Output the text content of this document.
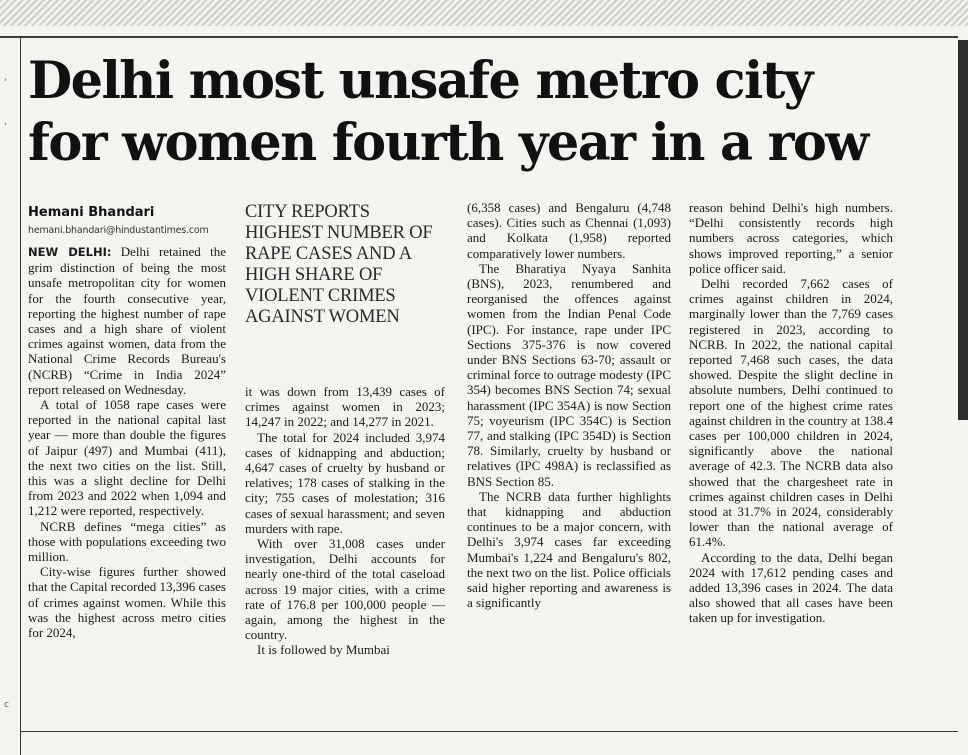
'
'
c
Delhi most unsafe metro city
for women fourth year in a row
Hemani Bhandari
hemani.bhandari@hindustantimes.com

NEW DELHI: Delhi retained the grim distinction of being the most unsafe metropolitan city for women for the fourth consecutive year, reporting the highest number of rape cases and a high share of violent crimes against women, data from the National Crime Records Bureau's (NCRB) “Crime in India 2024” report released on Wednesday.

A total of 1058 rape cases were reported in the national capital last year — more than double the figures of Jaipur (497) and Mumbai (411), the next two cities on the list. Still, this was a slight decline for Delhi from 2023 and 2022 when 1,094 and 1,212 were reported, respectively.

NCRB defines “mega cities” as those with populations exceeding two million.

City-wise figures further showed that the Capital recorded 13,396 cases of crimes against women. While this was the highest across metro cities for 2024,

CITY REPORTS HIGHEST NUMBER OF RAPE CASES AND A HIGH SHARE OF VIOLENT CRIMES AGAINST WOMEN

it was down from 13,439 cases of crimes against women in 2023; 14,247 in 2022; and 14,277 in 2021.

The total for 2024 included 3,974 cases of kidnapping and abduction; 4,647 cases of cruelty by husband or relatives; 178 cases of stalking in the city; 755 cases of molestation; 316 cases of sexual harassment; and seven murders with rape.

With over 31,008 cases under investigation, Delhi accounts for nearly one-third of the total caseload across 19 major cities, with a crime rate of 176.8 per 100,000 people — again, among the highest in the country.

It is followed by Mumbai

(6,358 cases) and Bengaluru (4,748 cases). Cities such as Chennai (1,093) and Kolkata (1,958) reported comparatively lower numbers.

The Bharatiya Nyaya Sanhita (BNS), 2023, renumbered and reorganised the offences against women from the Indian Penal Code (IPC). For instance, rape under IPC Sections 375-376 is now covered under BNS Sections 63-70; assault or criminal force to outrage modesty (IPC 354) becomes BNS Section 74; sexual harassment (IPC 354A) is now Section 75; voyeurism (IPC 354C) is Section 77, and stalking (IPC 354D) is Section 78. Similarly, cruelty by husband or relatives (IPC 498A) is reclassified as BNS Section 85.

The NCRB data further highlights that kidnapping and abduction continues to be a major concern, with Delhi's 3,974 cases far exceeding Mumbai's 1,224 and Bengaluru's 802, the next two on the list. Police officials said higher reporting and awareness is a significantly

reason behind Delhi's high numbers. “Delhi consistently records high numbers across categories, which shows improved reporting,” a senior police officer said.

Delhi recorded 7,662 cases of crimes against children in 2024, marginally lower than the 7,769 cases registered in 2023, according to NCRB. In 2022, the national capital reported 7,468 such cases, the data showed. Despite the slight decline in absolute numbers, Delhi continued to report one of the highest crime rates against children in the country at 138.4 cases per 100,000 children in 2024, significantly above the national average of 42.3. The NCRB data also showed that the chargesheet rate in crimes against children cases in Delhi stood at 31.7% in 2024, considerably lower than the national average of 61.4%.

According to the data, Delhi began 2024 with 17,612 pending cases and added 13,396 cases in 2024. The data also showed that all cases have been taken up for investigation.
